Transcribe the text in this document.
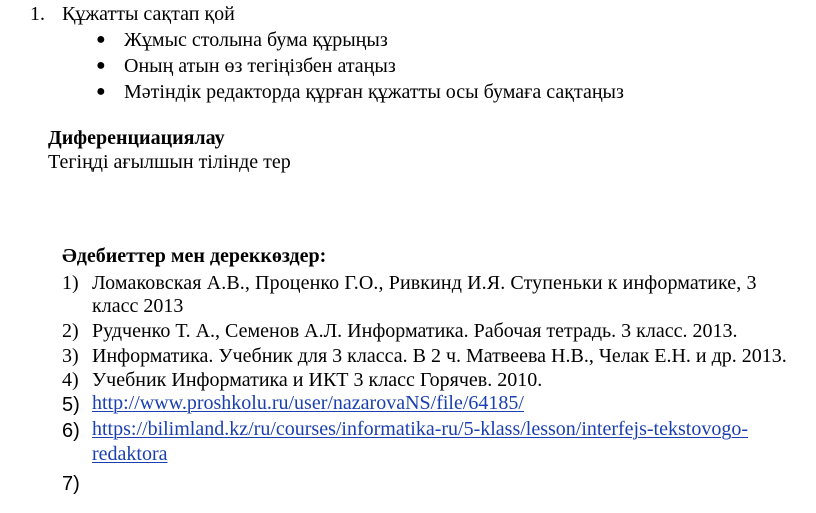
1. Құжатты сақтап қой
● Жұмыс столына бума құрыңыз
● Оның атын өз тегіңізбен атаңыз
● Мәтіндік редакторда құрған құжатты осы бумаға сақтаңыз
Диференциациялау
Тегіңді ағылшын тілінде тер
Әдебиеттер мен дереккөздер:
1) Ломаковская А.В., Проценко Г.О., Ривкинд И.Я. Ступеньки к информатике, 3
класс 2013
2) Рудченко Т. А., Семенов А.Л. Информатика. Рабочая тетрадь. 3 класс. 2013.
3) Информатика. Учебник для 3 класса. В 2 ч. Матвеева Н.В., Челак Е.Н. и др. 2013.
4) Учебник Информатика и ИКТ 3 класс Горячев. 2010.
5) http://www.proshkolu.ru/user/nazarovaNS/file/64185/
6) https://bilimland.kz/ru/courses/informatika-ru/5-klass/lesson/interfejs-tekstovogo-
redaktora
7)
